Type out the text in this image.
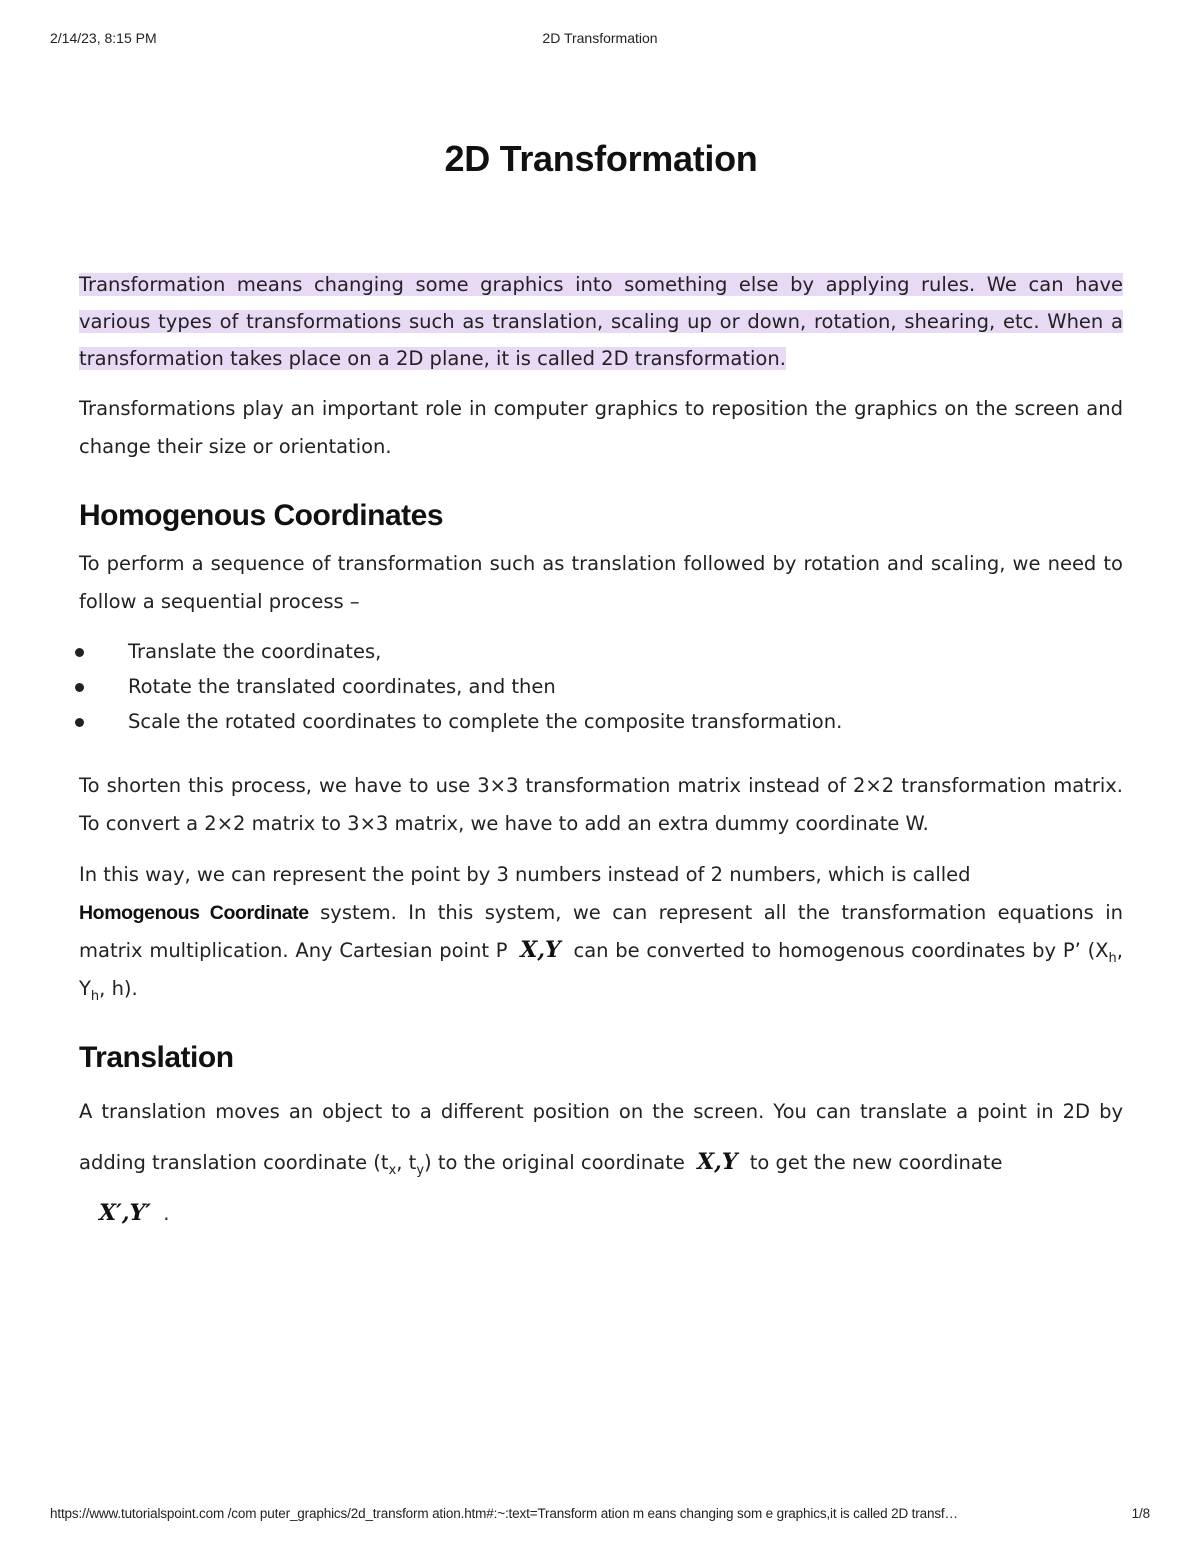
2/14/23, 8:15 PM	2D Transformation
2D Transformation

Transformation means changing some graphics into something else by applying rules. We can have various types of transformations such as translation, scaling up or down, rotation, shearing, etc. When a transformation takes place on a 2D plane, it is called 2D transformation.

Transformations play an important role in computer graphics to reposition the graphics on the screen and change their size or orientation.

Homogenous Coordinates

To perform a sequence of transformation such as translation followed by rotation and scaling, we need to follow a sequential process –

Translate the coordinates,
Rotate the translated coordinates, and then
Scale the rotated coordinates to complete the composite transformation.

To shorten this process, we have to use 3×3 transformation matrix instead of 2×2 transformation matrix. To convert a 2×2 matrix to 3×3 matrix, we have to add an extra dummy coordinate W.

In this way, we can represent the point by 3 numbers instead of 2 numbers, which is called
Homogenous Coordinate system. In this system, we can represent all the transformation equations in matrix multiplication. Any Cartesian point P X,Y can be converted to homogenous coordinates by P’ ($X_h$, $Y_h$, h).

Translation

A translation moves an object to a different position on the screen. You can translate a point in 2D by adding translation coordinate ($t_x$, $t_y$) to the original coordinate X,Y to get the new coordinate

X′,Y′ .
https://www.tutorialspoint.com /com puter_graphics/2d_transform ation.htm#:~:text=Transform ation m eans changing som e graphics,it is called 2D transf…	1/8
